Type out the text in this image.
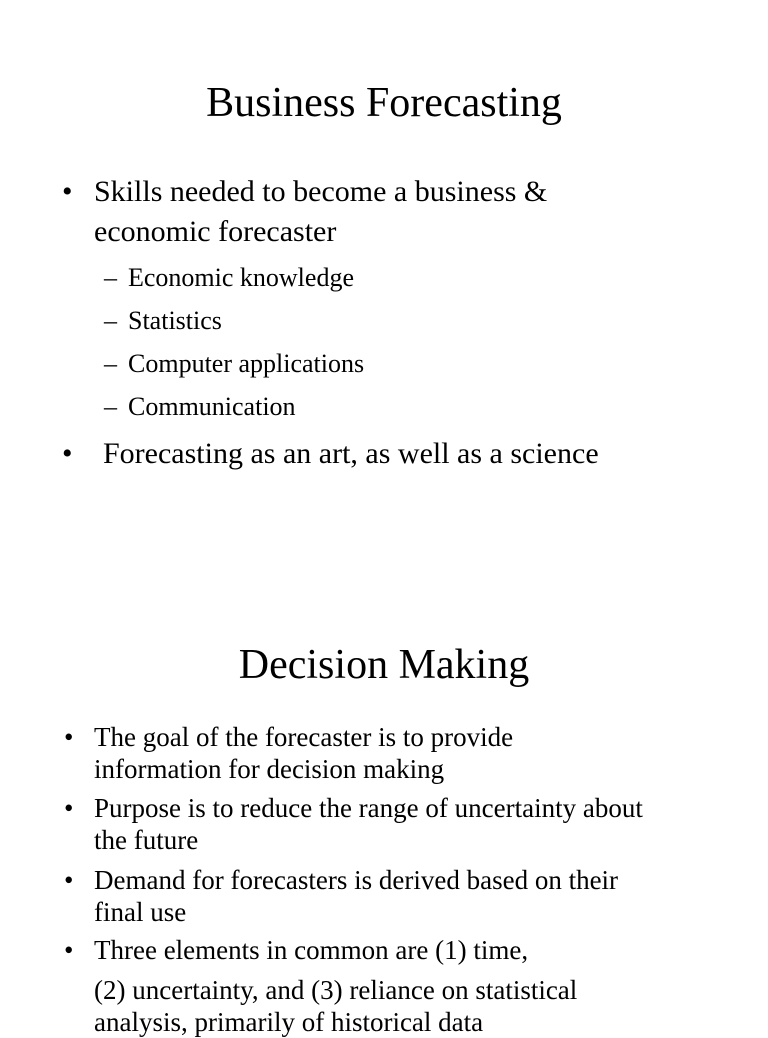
Business Forecasting
• Skills needed to become a business &
economic forecaster
– Economic knowledge
– Statistics
– Computer applications
– Communication
• Forecasting as an art, as well as a science
Decision Making
• The goal of the forecaster is to provide
information for decision making
• Purpose is to reduce the range of uncertainty about
the future
• Demand for forecasters is derived based on their
final use
• Three elements in common are (1) time,
(2) uncertainty, and (3) reliance on statistical
analysis, primarily of historical data
